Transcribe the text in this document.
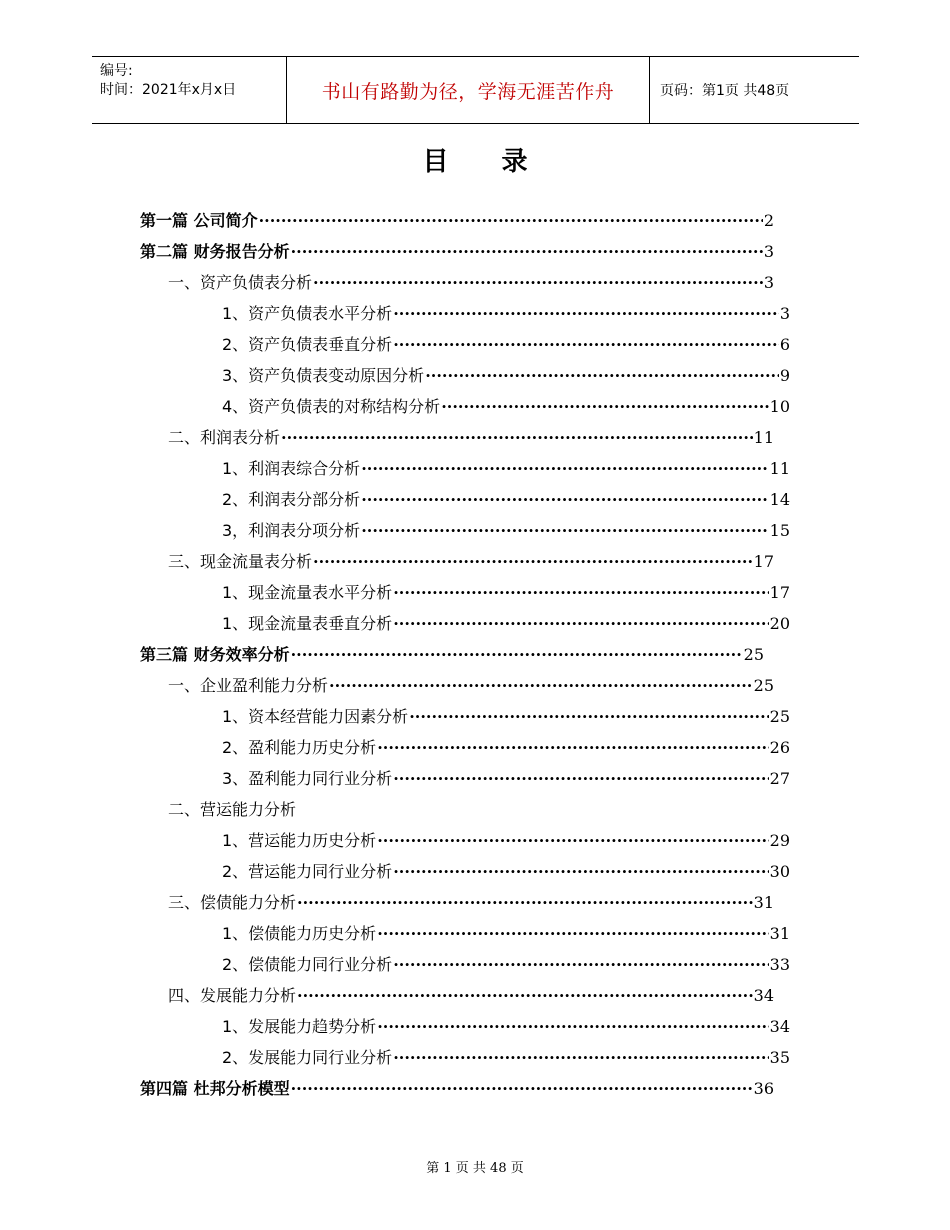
编号:
时间：2021年x月x日	书山有路勤为径，学海无涯苦作舟	页码：第1页 共48页
目 录
第一篇 公司简介 ·····	2
第二篇 财务报告分析 ·····	3
一、资产负债表分析 ·····	3
1、资产负债表水平分析 ·····	3
2、资产负债表垂直分析 ·····	6
3、资产负债表变动原因分析 ·····	9
4、资产负债表的对称结构分析 ·····	10
二、利润表分析 ·····	11
1、利润表综合分析 ·····	11
2、利润表分部分析 ·····	14
3，利润表分项分析 ·····	15
三、现金流量表分析 ·····	17
1、现金流量表水平分析 ·····	17
1、现金流量表垂直分析 ·····	20
第三篇 财务效率分析 ·····	25
一、企业盈利能力分析 ·····	25
1、资本经营能力因素分析 ·····	25
2、盈利能力历史分析 ·····	26
3、盈利能力同行业分析 ·····	27
二、营运能力分析
1、营运能力历史分析 ·····	29
2、营运能力同行业分析 ·····	30
三、偿债能力分析 ·····	31
1、偿债能力历史分析 ·····	31
2、偿债能力同行业分析 ·····	33
四、发展能力分析 ·····	34
1、发展能力趋势分析 ·····	34
2、发展能力同行业分析 ·····	35
第四篇 杜邦分析模型 ·····	36
第 1 页 共 48 页
